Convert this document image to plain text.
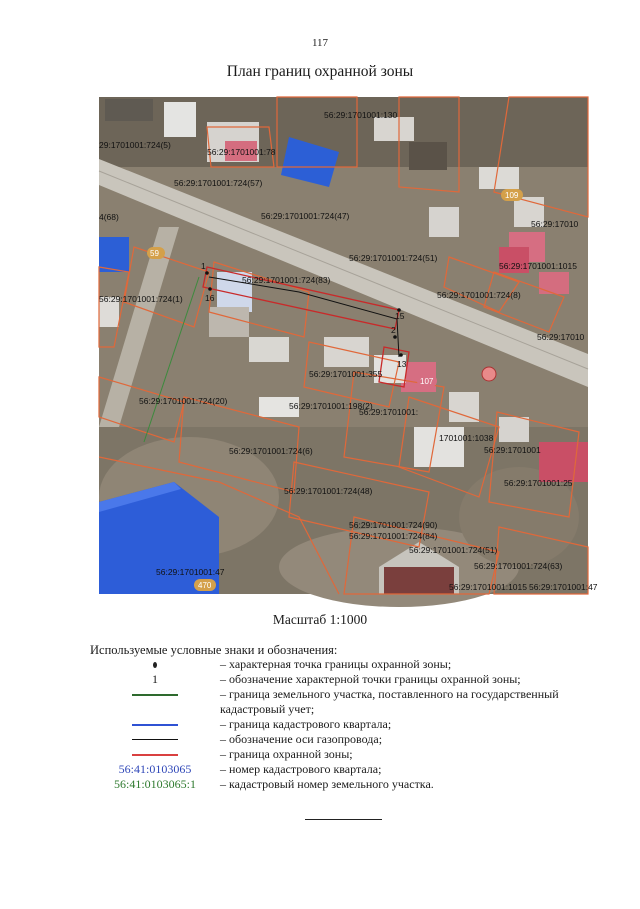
117
План границ охранной зоны
56:29:1701001:130
29:1701001:724(5)
56:29:1701001:78
56:29:1701001:724(57)
56:29:1701001:724(47)
4(68)
56:29:1701001:724(51)
56:29:17010
56:29:1701001:724(83)
56:29:1701001:724(1)
56:29:1701001:1015
56:29:1701001:724(8)
56:29:17010
56:29:1701001:355
56:29:1701001:724(20)	56:29:1701001:198(2)
56:29:1701001:
1701001:1038
56:29:1701001
56:29:1701001:724(6)
56:29:1701001:25
56:29:1701001:724(48)
56:29:1701001:724(90)
56:29:1701001:724(84)
56:29:1701001:724(51)
56:29:1701001:47
56:29:1701001:724(63)
56:29:1701001:1015 56:29:1701001:47
1
16
15
2
13
109
107
470
59
Масштаб 1:1000
Используемые условные знаки и обозначения:
– характерная точка границы охранной зоны;
1	– обозначение характерной точки границы охранной зоны;
– граница земельного участка, поставленного на государственный кадастровый учет;
– граница кадастрового квартала;
– обозначение оси газопровода;
– граница охранной зоны;
56:41:0103065	– номер кадастрового квартала;
56:41:0103065:1	– кадастровый номер земельного участка.
